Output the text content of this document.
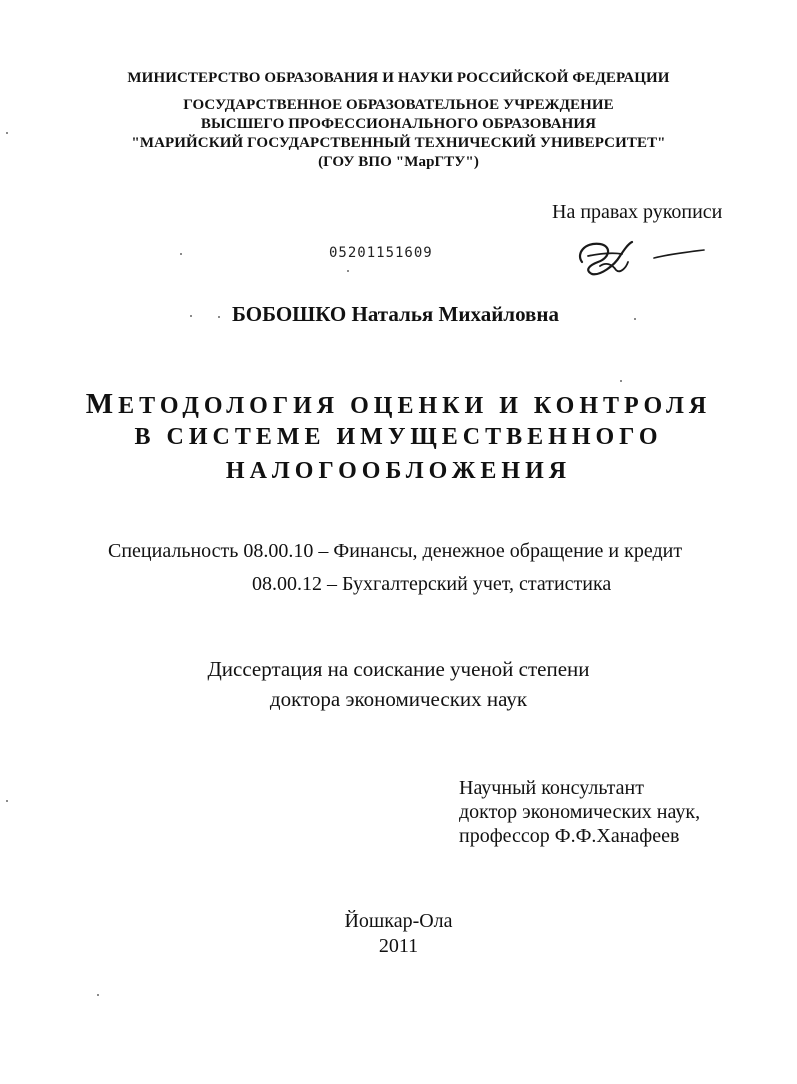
МИНИСТЕРСТВО ОБРАЗОВАНИЯ И НАУКИ РОССИЙСКОЙ ФЕДЕРАЦИИ
ГОСУДАРСТВЕННОЕ ОБРАЗОВАТЕЛЬНОЕ УЧРЕЖДЕНИЕ
ВЫСШЕГО ПРОФЕССИОНАЛЬНОГО ОБРАЗОВАНИЯ
"МАРИЙСКИЙ ГОСУДАРСТВЕННЫЙ ТЕХНИЧЕСКИЙ УНИВЕРСИТЕТ"
(ГОУ ВПО "МарГТУ")
На правах рукописи
05201151609
БОБОШКО Наталья Михайловна
МЕТОДОЛОГИЯ ОЦЕНКИ И КОНТРОЛЯ
В СИСТЕМЕ ИМУЩЕСТВЕННОГО
НАЛОГООБЛОЖЕНИЯ
Специальность 08.00.10 – Финансы, денежное обращение и кредит
08.00.12 – Бухгалтерский учет, статистика
Диссертация на соискание ученой степени
доктора экономических наук
Научный консультант
доктор экономических наук,
профессор Ф.Ф.Ханафеев
Йошкар-Ола
2011
